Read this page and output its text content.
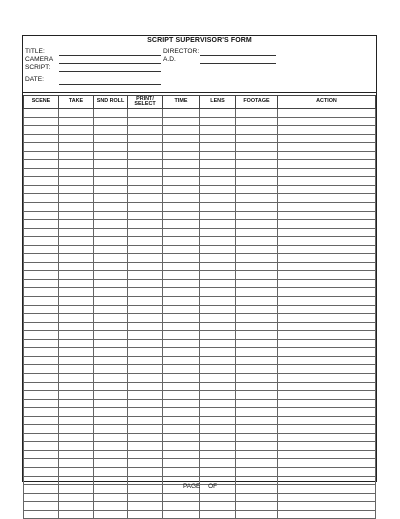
SCRIPT SUPERVISOR'S FORM
TITLE:
CAMERA
SCRIPT:
DATE:
DIRECTOR:
A.D.
SCENE	TAKE	SND ROLL	PRINT/ SELECT	TIME	LENS	FOOTAGE	ACTION

PAGE OF
